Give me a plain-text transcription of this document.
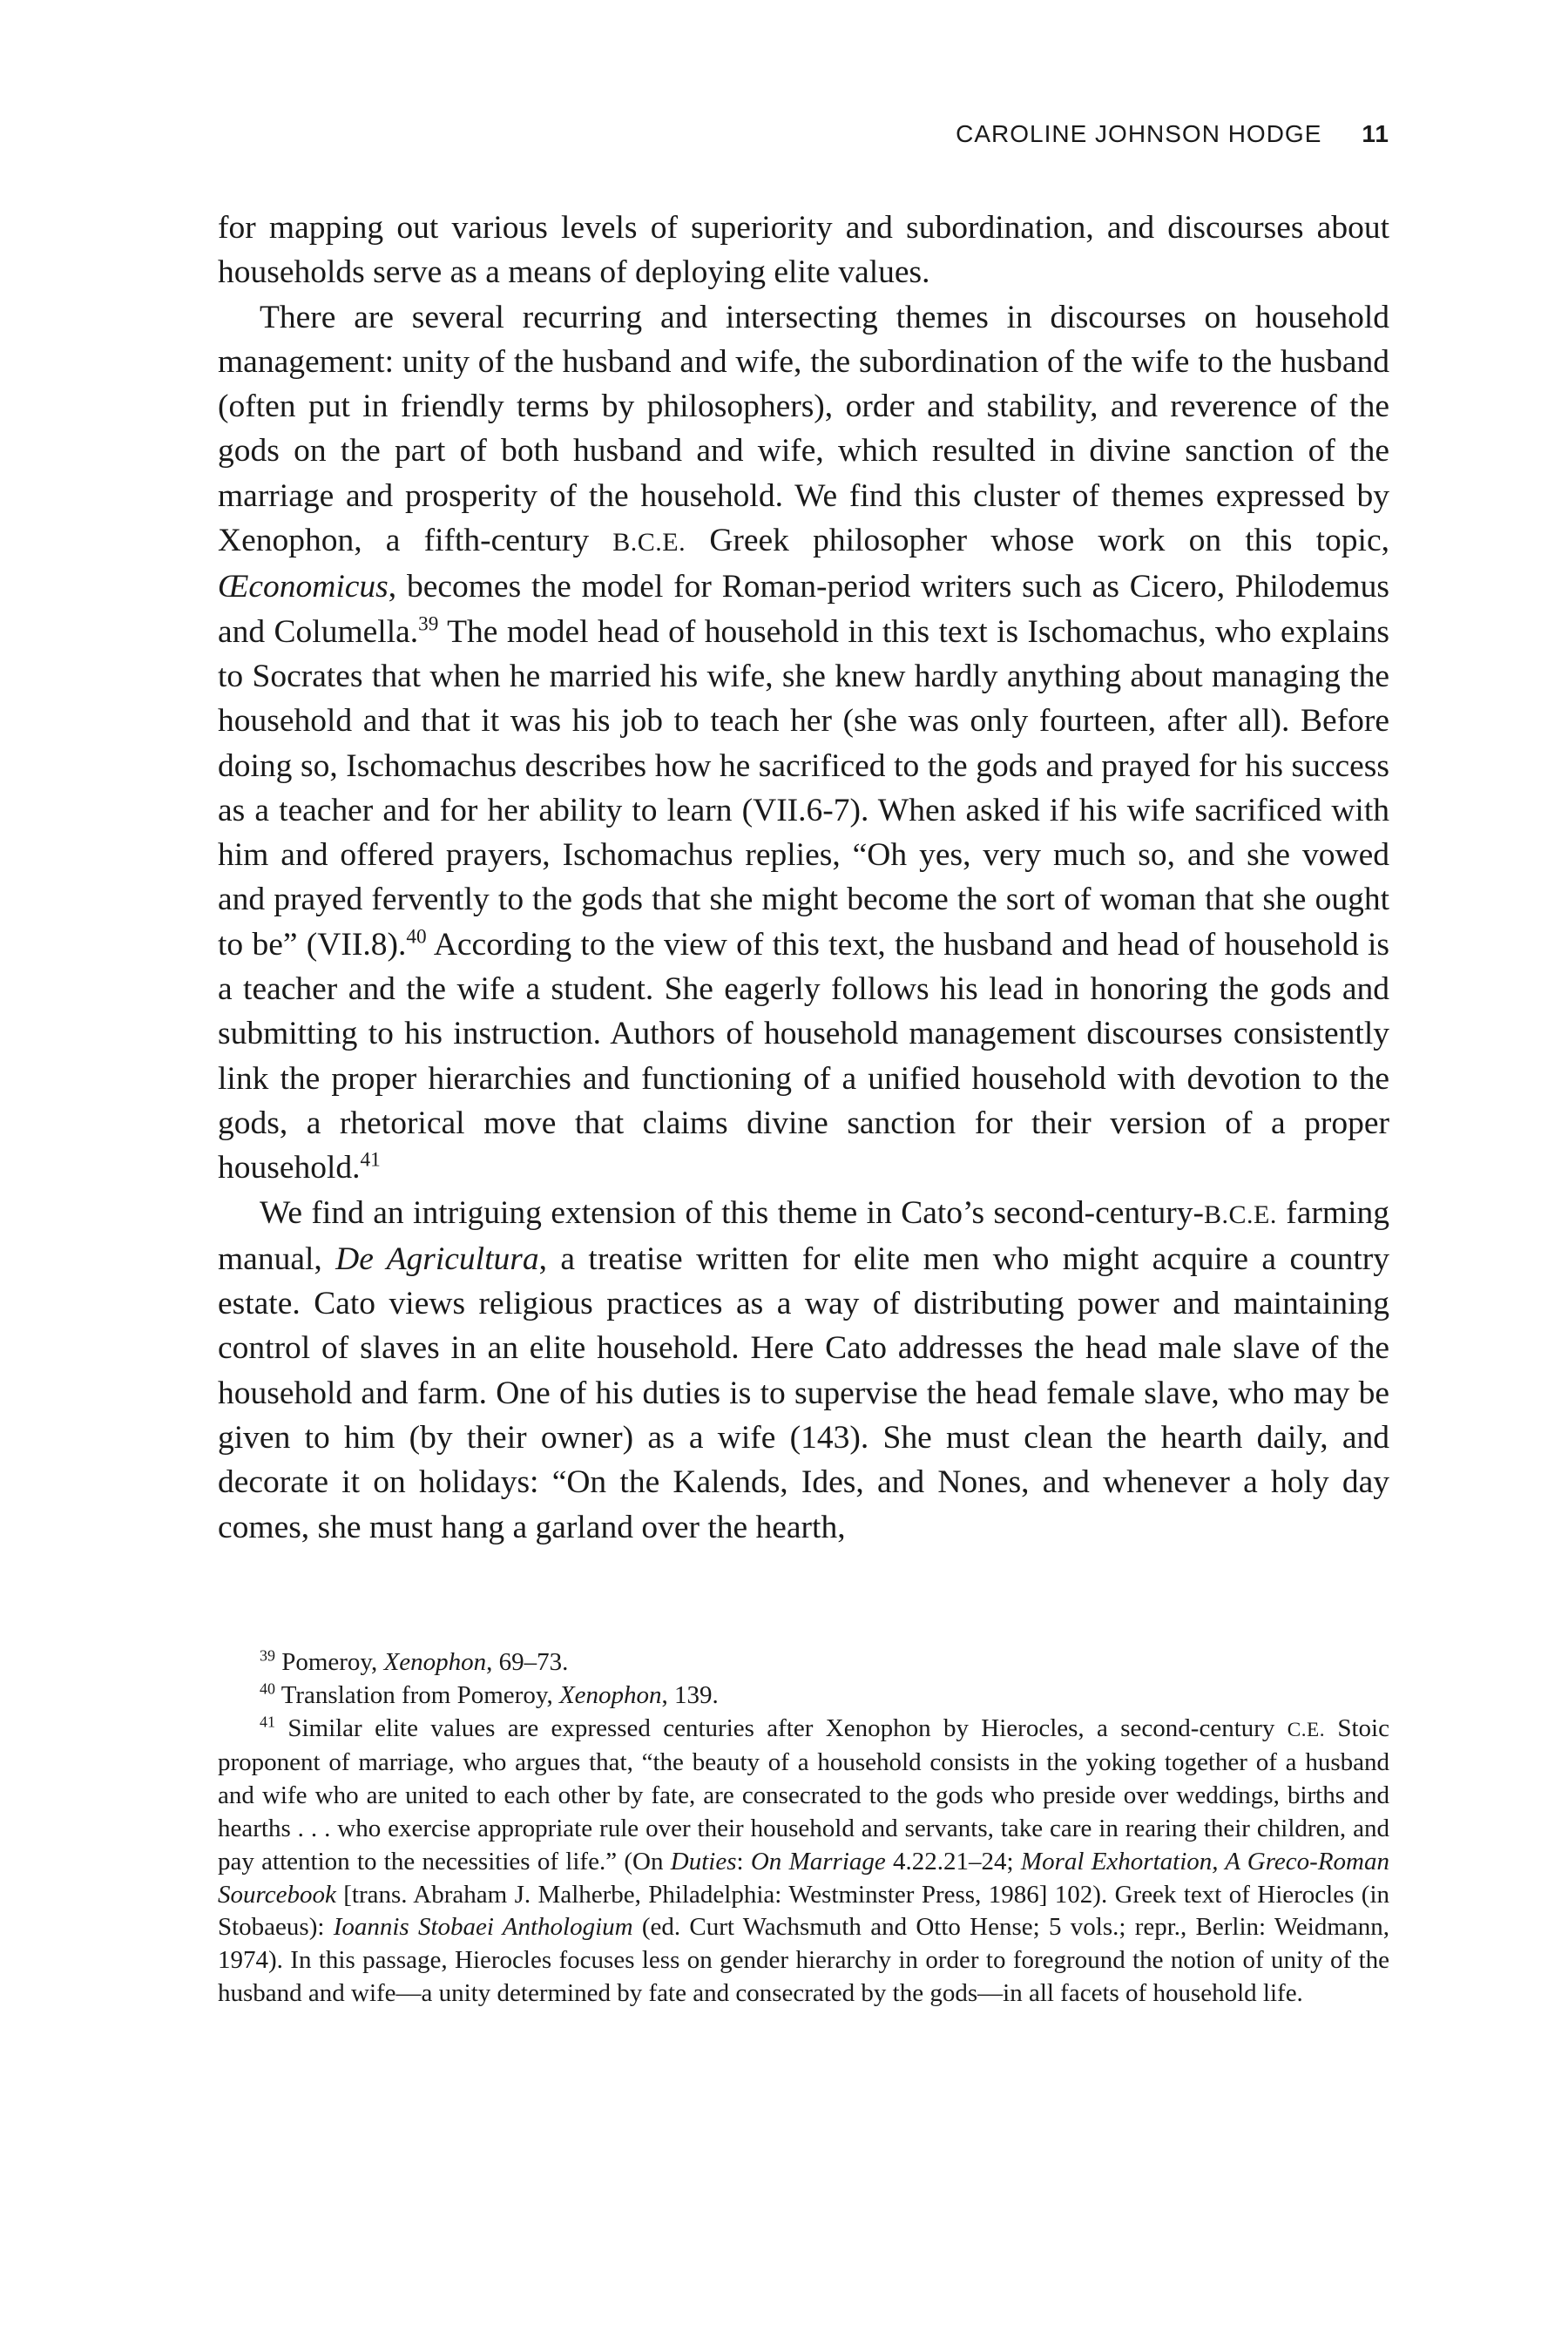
CAROLINE JOHNSON HODGE 11

for mapping out various levels of superiority and subordination, and discourses about households serve as a means of deploying elite values.

There are several recurring and intersecting themes in discourses on household management: unity of the husband and wife, the subordination of the wife to the husband (often put in friendly terms by philosophers), order and stability, and reverence of the gods on the part of both husband and wife, which resulted in divine sanction of the marriage and prosperity of the household. We find this cluster of themes expressed by Xenophon, a fifth-century B.C.E. Greek philosopher whose work on this topic, Œconomicus, becomes the model for Roman-period writers such as Cicero, Philodemus and Columella.$^{39}$ The model head of household in this text is Ischomachus, who explains to Socrates that when he married his wife, she knew hardly anything about managing the household and that it was his job to teach her (she was only fourteen, after all). Before doing so, Ischomachus describes how he sacrificed to the gods and prayed for his success as a teacher and for her ability to learn (VII.6-7). When asked if his wife sacrificed with him and offered prayers, Ischomachus replies, “Oh yes, very much so, and she vowed and prayed fervently to the gods that she might become the sort of woman that she ought to be” (VII.8).$^{40}$ According to the view of this text, the husband and head of household is a teacher and the wife a student. She eagerly follows his lead in honoring the gods and submitting to his instruction. Authors of household management discourses consistently link the proper hierarchies and functioning of a unified household with devotion to the gods, a rhetorical move that claims divine sanction for their version of a proper household.$^{41}$

We find an intriguing extension of this theme in Cato’s second-century-B.C.E. farming manual, De Agricultura, a treatise written for elite men who might acquire a country estate. Cato views religious practices as a way of distributing power and maintaining control of slaves in an elite household. Here Cato addresses the head male slave of the household and farm. One of his duties is to supervise the head female slave, who may be given to him (by their owner) as a wife (143). She must clean the hearth daily, and decorate it on holidays: “On the Kalends, Ides, and Nones, and whenever a holy day comes, she must hang a garland over the hearth,

$^{39}$ Pomeroy, Xenophon, 69–73.

$^{40}$ Translation from Pomeroy, Xenophon, 139.

$^{41}$ Similar elite values are expressed centuries after Xenophon by Hierocles, a second-century C.E. Stoic proponent of marriage, who argues that, “the beauty of a household consists in the yoking together of a husband and wife who are united to each other by fate, are consecrated to the gods who preside over weddings, births and hearths . . . who exercise appropriate rule over their household and servants, take care in rearing their children, and pay attention to the necessities of life.” (On Duties: On Marriage 4.22.21–24; Moral Exhortation, A Greco-Roman Sourcebook [trans. Abraham J. Malherbe, Philadelphia: Westminster Press, 1986] 102). Greek text of Hierocles (in Stobaeus): Ioannis Stobaei Anthologium (ed. Curt Wachsmuth and Otto Hense; 5 vols.; repr., Berlin: Weidmann, 1974). In this passage, Hierocles focuses less on gender hierarchy in order to foreground the notion of unity of the husband and wife—a unity determined by fate and consecrated by the gods—in all facets of household life.
